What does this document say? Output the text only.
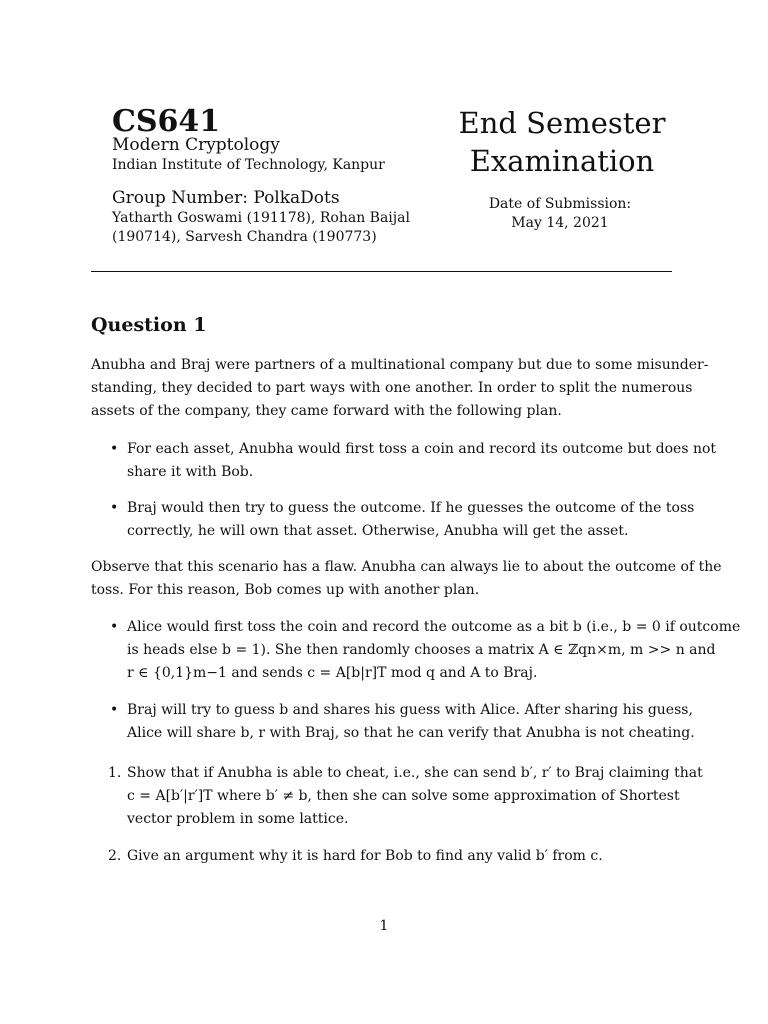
CS641
Modern Cryptology
Indian Institute of Technology, Kanpur
Group Number: PolkaDots
Yatharth Goswami (191178), Rohan Baijal
(190714), Sarvesh Chandra (190773)
End Semester
Examination
Date of Submission:
May 14, 2021
Question 1
Anubha and Braj were partners of a multinational company but due to some misunder-
standing, they decided to part ways with one another. In order to split the numerous
assets of the company, they came forward with the following plan.
• For each asset, Anubha would first toss a coin and record its outcome but does not
share it with Bob.
• Braj would then try to guess the outcome. If he guesses the outcome of the toss
correctly, he will own that asset. Otherwise, Anubha will get the asset.
Observe that this scenario has a flaw. Anubha can always lie to about the outcome of the
toss. For this reason, Bob comes up with another plan.
• Alice would first toss the coin and record the outcome as a bit b (i.e., b = 0 if outcome
is heads else b = 1). She then randomly chooses a matrix A ∈ ℤqn×m, m >> n and
r ∈ {0,1}m−1 and sends c = A[b|r]T mod q and A to Braj.
• Braj will try to guess b and shares his guess with Alice. After sharing his guess,
Alice will share b, r with Braj, so that he can verify that Anubha is not cheating.
1. Show that if Anubha is able to cheat, i.e., she can send b′, r′ to Braj claiming that
c = A[b′|r′]T where b′ ≠ b, then she can solve some approximation of Shortest
vector problem in some lattice.
2. Give an argument why it is hard for Bob to find any valid b′ from c.
1
